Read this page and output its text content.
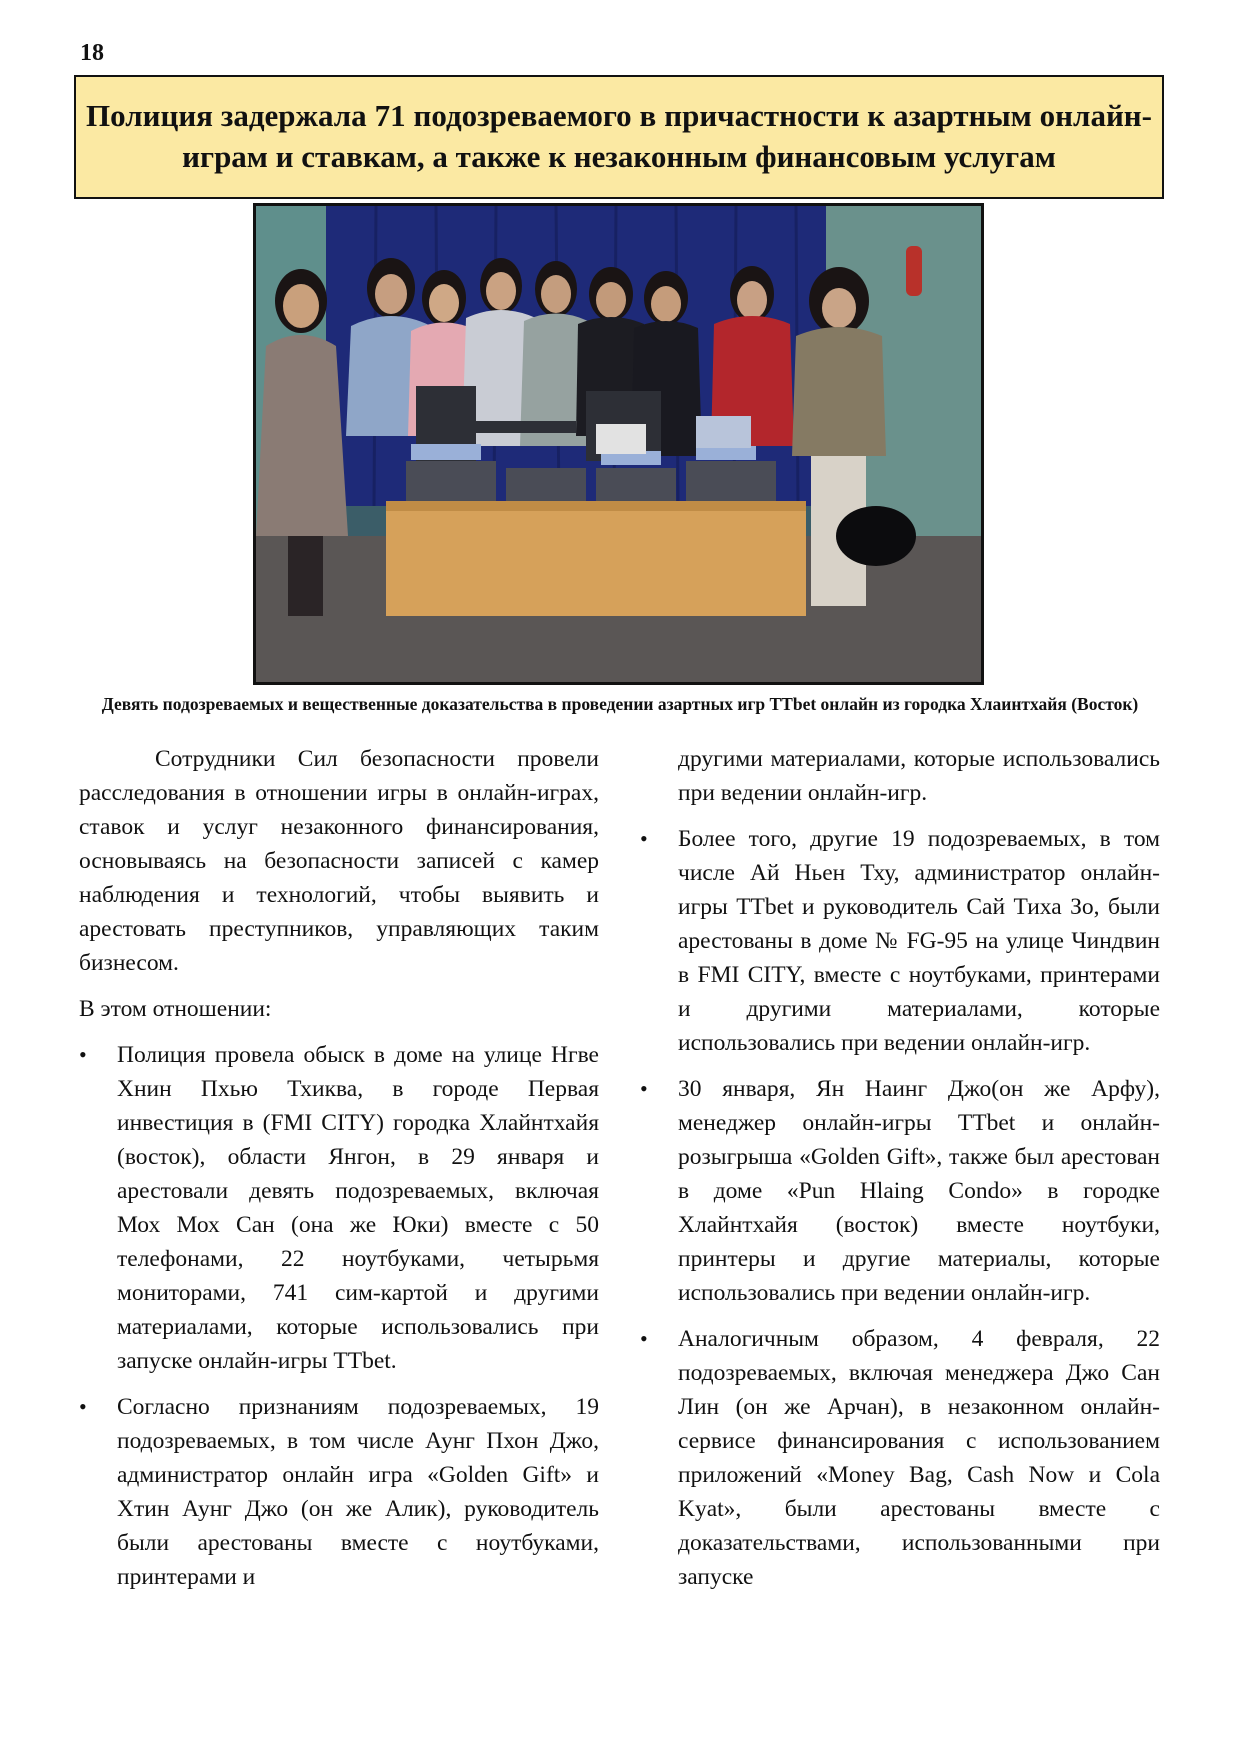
18
Полиция задержала 71 подозреваемого в причастности к азартным онлайн-играм и ставкам, а также к незаконным финансовым услугам
Девять подозреваемых и вещественные доказательства в проведении азартных игр TTbet онлайн из городка Хлаинтхайя (Восток)

Сотрудники Сил безопасности провели расследования в отношении игры в онлайн-играх, ставок и услуг незаконного финансирования, основываясь на безопасности записей с камер наблюдения и технологий, чтобы выявить и арестовать преступников, управляющих таким бизнесом.

В этом отношении:

• Полиция провела обыск в доме на улице Нгве Хнин Пхью Тхиква, в городе Первая инвестиция в (FMI CITY) городка Хлайнтхайя (восток), области Янгон, в 29 января и арестовали девять подозреваемых, включая Мох Мох Сан (она же Юки) вместе с 50 телефонами, 22 ноутбуками, четырьмя мониторами, 741 сим-картой и другими материалами, которые использовались при запуске онлайн-игры TTbet.
• Согласно признаниям подозреваемых, 19 подозреваемых, в том числе Аунг Пхон Джо, администратор онлайн игра «Golden Gift» и Хтин Аунг Джо (он же Алик), руководитель были арестованы вместе с ноутбуками, принтерами и

другими материалами, которые использовались при ведении онлайн-игр.

• Более того, другие 19 подозреваемых, в том числе Ай Ньен Тху, администратор онлайн-игры TTbet и руководитель Сай Тиха Зо, были арестованы в доме № FG-95 на улице Чиндвин в FMI CITY, вместе с ноутбуками, принтерами и другими материалами, которые использовались при ведении онлайн-игр.
• 30 января, Ян Наинг Джо(он же Арфу), менеджер онлайн-игры TTbet и онлайн-розыгрыша «Golden Gift», также был арестован в доме «Pun Hlaing Condo» в городке Хлайнтхайя (восток) вместе ноутбуки, принтеры и другие материалы, которые использовались при ведении онлайн-игр.
• Аналогичным образом, 4 февраля, 22 подозреваемых, включая менеджера Джо Сан Лин (он же Арчан), в незаконном онлайн-сервисе финансирования с использованием приложений «Money Bag, Cash Now и Cola Kyat», были арестованы вместе с доказательствами, использованными при запуске
